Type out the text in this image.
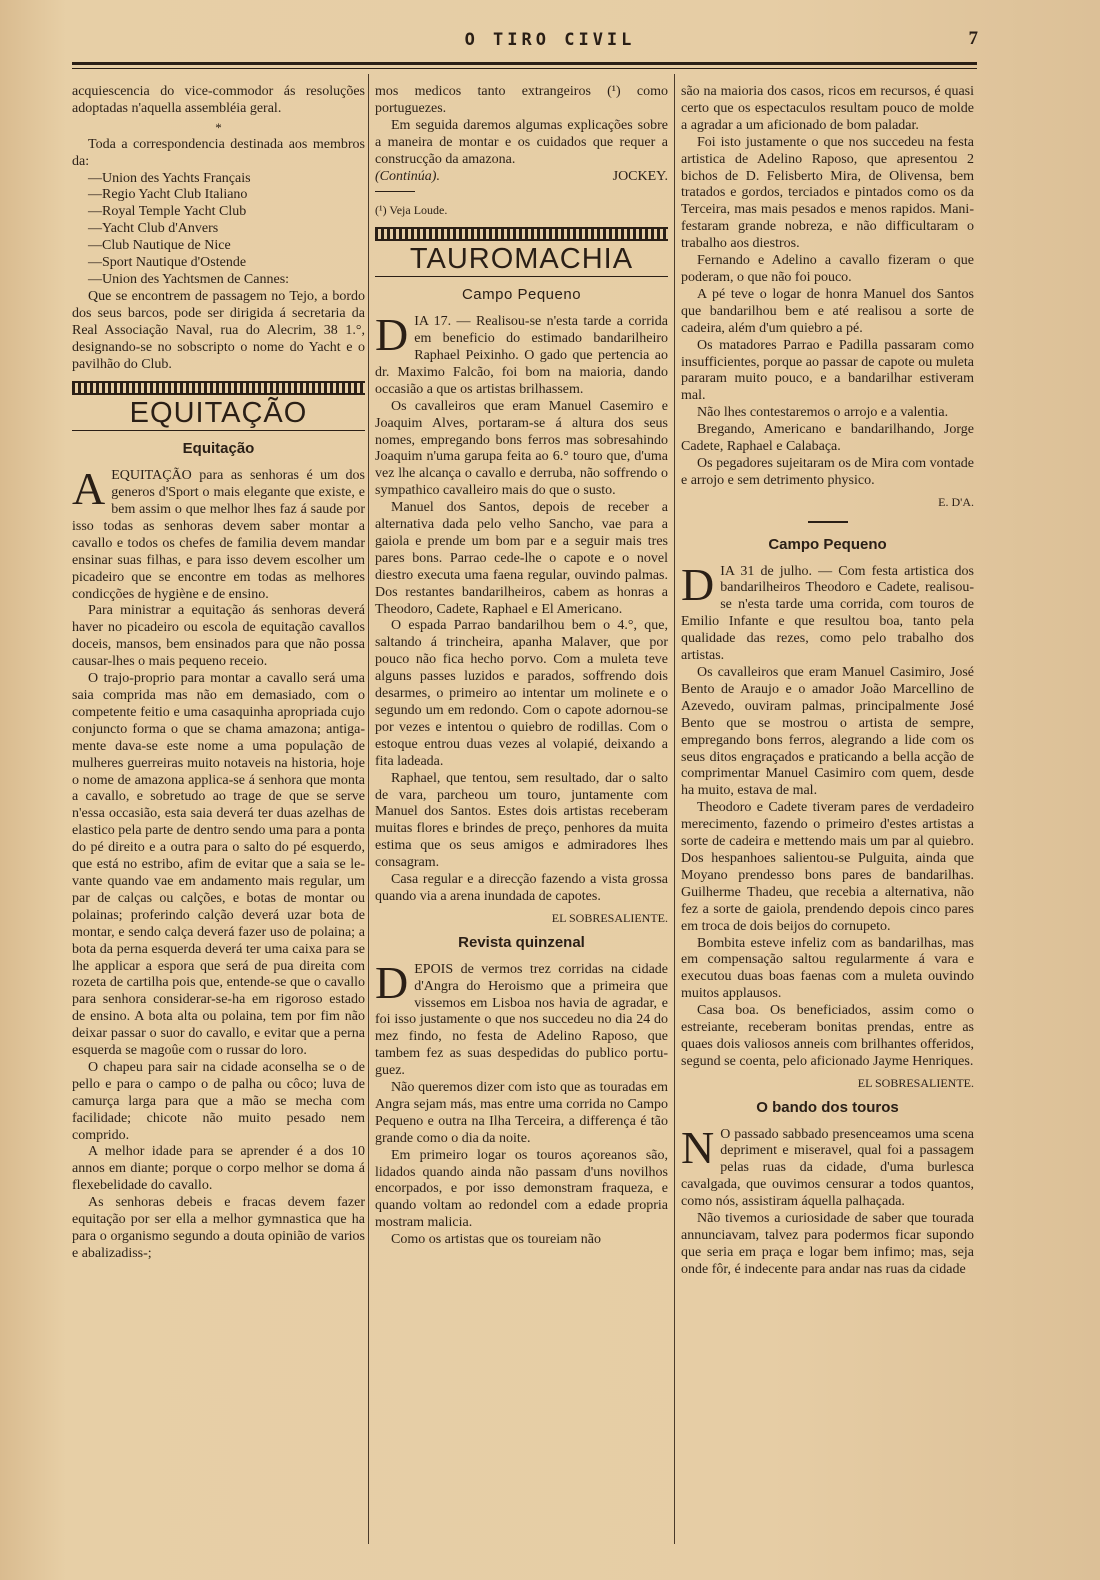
O TIRO CIVIL	7

acquiescencia do vice-commodor ás resoluções adoptadas n'aquella assembléia geral.

*

Toda a correspondencia destinada aos membros da:

—Union des Yachts Français
—Regio Yacht Club Italiano
—Royal Temple Yacht Club
—Yacht Club d'Anvers
—Club Nautique de Nice
—Sport Nautique d'Ostende
—Union des Yachtsmen de Cannes:

Que se encontrem de passagem no Tejo, a bordo dos seus barcos, pode ser dirigida á secretaria da Real Associação Naval, rua do Alecrim, 38 1.°, designando-se no sobscripto o nome do Yacht e o pavilhão do Club.

EQUITAÇÃO
Equitação

AEQUITAÇÃO para as senhoras é um dos generos d'Sport o mais elegante que existe, e bem assim o que melhor lhes faz á saude por isso todas as senhoras devem saber montar a cavallo e todos os chefes de familia devem mandar ensinar suas filhas, e para isso devem escolher um picadeiro que se encontre em todas as melhores condicções de hygiène e de ensino.

Para ministrar a equitação ás senhoras deverá haver no picadeiro ou escola de equitação cavallos doceis, mansos, bem ensinados para que não possa causar-lhes o mais pequeno receio.

O trajo-proprio para montar a cavallo será uma saia comprida mas não em demasiado, com o competente feitio e uma casaquinha apropriada cujo conjuncto forma o que se chama amazona; antigamente dava-se este nome a uma população de mulheres guerreiras muito notaveis na historia, hoje o nome de amazona applica-se á senhora que monta a cavallo, e sobretudo ao trage de que se serve n'essa occasião, esta saia deverá ter duas azelhas de elastico pela parte de dentro sendo uma para a ponta do pé direito e a outra para o salto do pé esquerdo, que está no estribo, afim de evitar que a saia se levante quando vae em andamento mais regular, um par de calças ou calções, e botas de montar ou polainas; proferindo calção deverá uzar bota de montar, e sendo calça deverá fazer uso de polaina; a bota da perna esquerda deverá ter uma caixa para se lhe applicar a espora que será de pua direita com rozeta de cartilha pois que, entende-se que o cavallo para senhora considerar-se-ha em rigoroso estado de ensino. A bota alta ou polaina, tem por fim não deixar passar o suor do cavallo, e evitar que a perna esquerda se magoûe com o russar do loro.

O chapeu para sair na cidade aconselha se o de pello e para o campo o de palha ou côco; luva de camurça larga para que a mão se mecha com facilidade; chicote não muito pesado nem comprido.

A melhor idade para se aprender é a dos 10 annos em diante; porque o corpo melhor se doma á flexebelidade do cavallo.

As senhoras debeis e fracas devem fazer equitação por ser ella a melhor gymnastica que ha para o organismo segundo a douta opinião de varios e abalizadiss-;

mos medicos tanto extrangeiros (¹) como portuguezes.

Em seguida daremos algumas explicações sobre a maneira de montar e os cuidados que requer a construcção da amazona.

(Continúa).	JOCKEY.
(¹) Veja Loude.
TAUROMACHIA
Campo Pequeno

DIA 17. — Realisou-se n'esta tarde a corrida em beneficio do estimado bandarilheiro Raphael Peixinho. O gado que pertencia ao dr. Maximo Falcão, foi bom na maioria, dando occasião a que os artistas brilhassem.

Os cavalleiros que eram Manuel Casemiro e Joaquim Alves, portaram-se á altura dos seus nomes, empregando bons ferros mas sobresahindo Joaquim n'uma garupa feita ao 6.° touro que, d'uma vez lhe alcança o cavallo e derruba, não soffrendo o sympathico cavalleiro mais do que o susto.

Manuel dos Santos, depois de receber a alternativa dada pelo velho Sancho, vae para a gaiola e prende um bom par e a seguir mais tres pares bons. Parrao cede-lhe o capote e o novel diestro executa uma faena regular, ouvindo palmas. Dos restantes bandarilheiros, cabem as honras a Theodoro, Cadete, Raphael e El Americano.

O espada Parrao bandarilhou bem o 4.°, que, saltando á trincheira, apanha Malaver, que por pouco não fica hecho porvo. Com a muleta teve alguns passes luzidos e parados, soffrendo dois desarmes, o primeiro ao intentar um molinete e o segundo um em redondo. Com o capote adornou-se por vezes e intentou o quiebro de rodillas. Com o estoque entrou duas vezes al volapié, deixando a fita ladeada.

Raphael, que tentou, sem resultado, dar o salto de vara, parcheou um touro, juntamente com Manuel dos Santos. Estes dois artistas receberam muitas flores e brindes de preço, penhores da muita estima que os seus amigos e admiradores lhes consagram.

Casa regular e a direcção fazendo a vista grossa quando via a arena inundada de capotes.

EL SOBRESALIENTE.
Revista quinzenal

DEPOIS de vermos trez corridas na cidade d'Angra do Heroismo que a primeira que vissemos em Lisboa nos havia de agradar, e foi isso justamente o que nos succedeu no dia 24 do mez findo, no festa de Adelino Raposo, que tambem fez as suas despedidas do publico portuguez.

Não queremos dizer com isto que as touradas em Angra sejam más, mas entre uma corrida no Campo Pequeno e outra na Ilha Terceira, a differença é tão grande como o dia da noite.

Em primeiro logar os touros açoreanos são, lidados quando ainda não passam d'uns novilhos encorpados, e por isso demonstram fraqueza, e quando voltam ao redondel com a edade propria mostram malicia.

Como os artistas que os toureiam não

são na maioria dos casos, ricos em recursos, é quasi certo que os espectaculos resultam pouco de molde a agradar a um aficionado de bom paladar.

Foi isto justamente o que nos succedeu na festa artistica de Adelino Raposo, que apresentou 2 bichos de D. Felisberto Mira, de Olivensa, bem tratados e gordos, terciados e pintados como os da Terceira, mas mais pesados e menos rapidos. Manifestaram grande nobreza, e não difficultaram o trabalho aos diestros.

Fernando e Adelino a cavallo fizeram o que poderam, o que não foi pouco.

A pé teve o logar de honra Manuel dos Santos que bandarilhou bem e até realisou a sorte de cadeira, além d'um quiebro a pé.

Os matadores Parrao e Padilla passaram como insufficientes, porque ao passar de capote ou muleta pararam muito pouco, e a bandarilhar estiveram mal.

Não lhes contestaremos o arrojo e a valentia.

Bregando, Americano e bandarilhando, Jorge Cadete, Raphael e Calabaça.

Os pegadores sujeitaram os de Mira com vontade e arrojo e sem detrimento physico.

E. D'A.
Campo Pequeno

DIA 31 de julho. — Com festa artistica dos bandarilheiros Theodoro e Cadete, realisou-se n'esta tarde uma corrida, com touros de Emilio Infante e que resultou boa, tanto pela qualidade das rezes, como pelo trabalho dos artistas.

Os cavalleiros que eram Manuel Casimiro, José Bento de Araujo e o amador João Marcellino de Azevedo, ouviram palmas, principalmente José Bento que se mostrou o artista de sempre, empregando bons ferros, alegrando a lide com os seus ditos engraçados e praticando a bella acção de comprimentar Manuel Casimiro com quem, desde ha muito, estava de mal.

Theodoro e Cadete tiveram pares de verdadeiro merecimento, fazendo o primeiro d'estes artistas a sorte de cadeira e mettendo mais um par al quiebro. Dos hespanhoes salientou-se Pulguita, ainda que Moyano prendesso bons pares de bandarilhas. Guilherme Thadeu, que recebia a alternativa, não fez a sorte de gaiola, prendendo depois cinco pares em troca de dois beijos do cornupeto.

Bombita esteve infeliz com as bandarilhas, mas em compensação saltou regularmente á vara e executou duas boas faenas com a muleta ouvindo muitos applausos.

Casa boa. Os beneficiados, assim como o estreiante, receberam bonitas prendas, entre as quaes dois valiosos anneis com brilhantes offeridos, segund se coenta, pelo aficionado Jayme Henriques.

EL SOBRESALIENTE.
O bando dos touros

N O passado sabbado presenceamos uma scena depriment e miseravel, qual foi a passagem pelas ruas da cidade, d'uma burlesca cavalgada, que ouvimos censurar a todos quantos, como nós, assistiram áquella palhaçada.

Não tivemos a curiosidade de saber que tourada annunciavam, talvez para podermos ficar supondo que seria em praça e logar bem infimo; mas, seja onde fôr, é indecente para andar nas ruas da cidade
